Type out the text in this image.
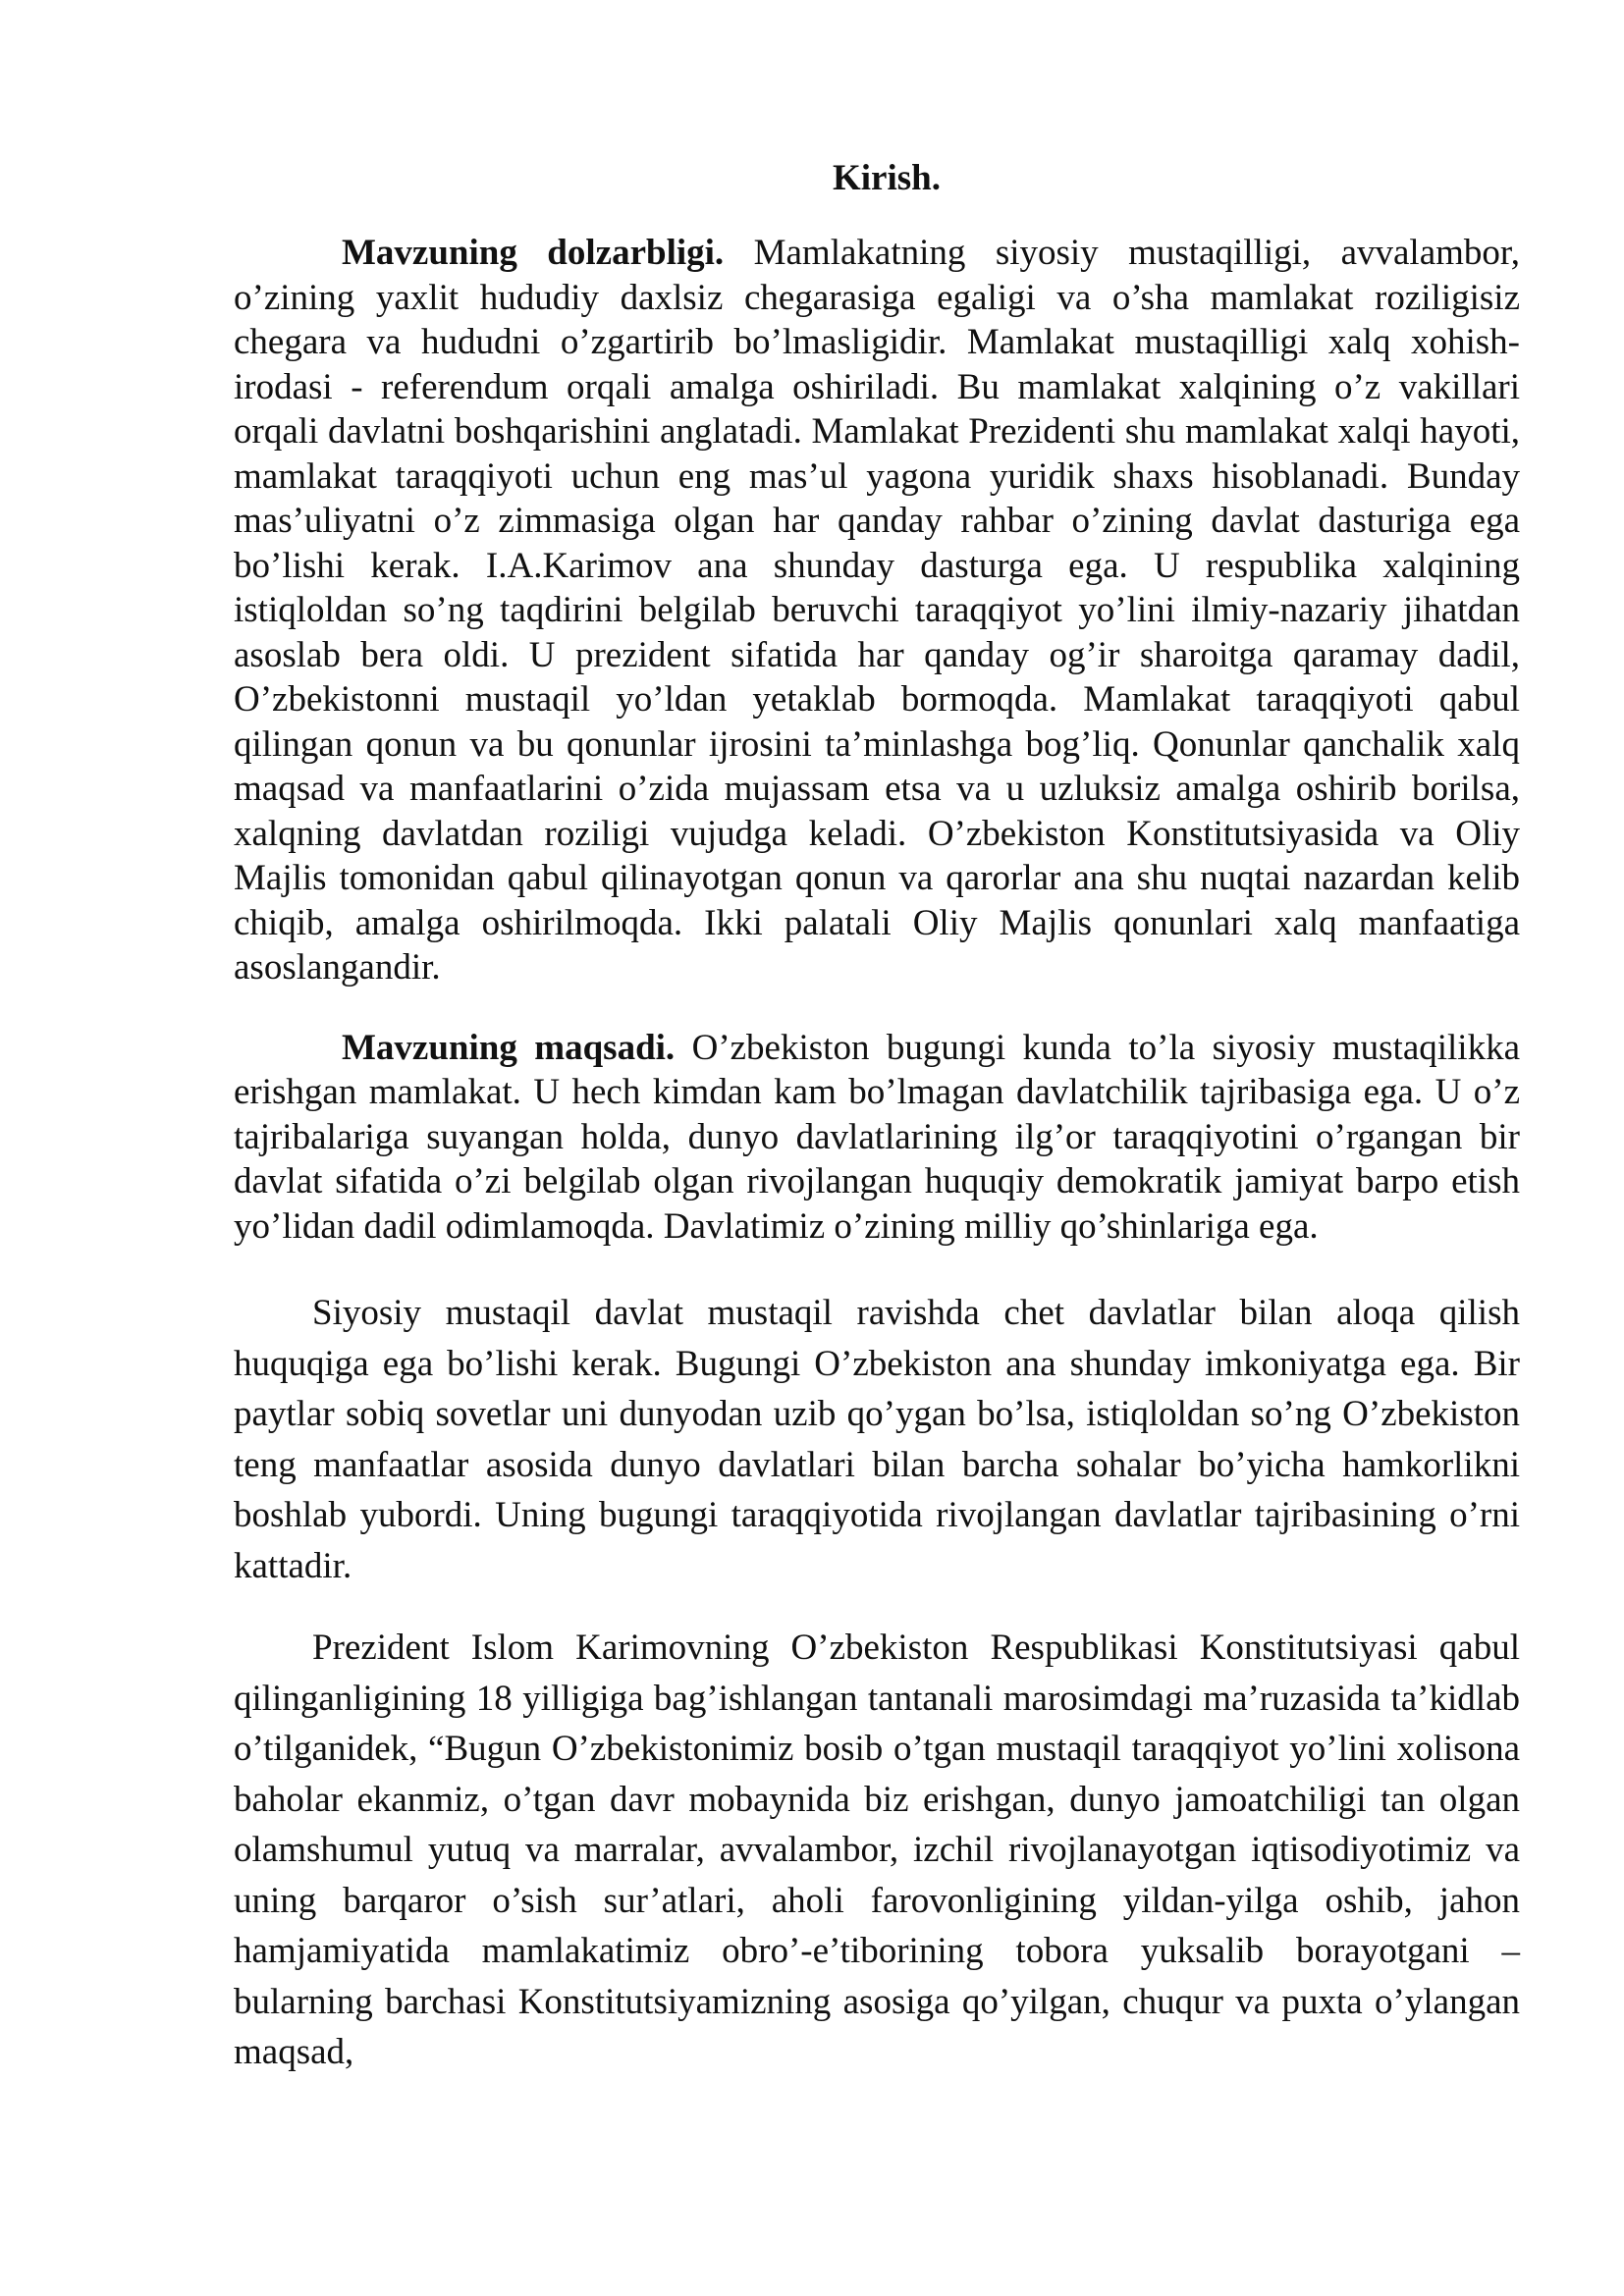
Kirish.

Mavzuning dolzarbligi. Mamlakatning siyosiy mustaqilligi, avvalambor, o’zining yaxlit hududiy daxlsiz chegarasiga egaligi va o’sha mamlakat roziligisiz chegara va hududni o’zgartirib bo’lmasligidir. Mamlakat mustaqilligi xalq xohish-irodasi - referendum orqali amalga oshiriladi. Bu mamlakat xalqining o’z vakillari orqali davlatni boshqarishini anglatadi. Mamlakat Prezidenti shu mamlakat xalqi hayoti, mamlakat taraqqiyoti uchun eng mas’ul yagona yuridik shaxs hisoblanadi. Bunday mas’uliyatni o’z zimmasiga olgan har qanday rahbar o’zining davlat dasturiga ega bo’lishi kerak. I.A.Karimov ana shunday dasturga ega. U respublika xalqining istiqloldan so’ng taqdirini belgilab beruvchi taraqqiyot yo’lini ilmiy-nazariy jihatdan asoslab bera oldi. U prezident sifatida har qanday og’ir sharoitga qaramay dadil, O’zbekistonni mustaqil yo’ldan yetaklab bormoqda. Mamlakat taraqqiyoti qabul qilingan qonun va bu qonunlar ijrosini ta’minlashga bog’liq. Qonunlar qanchalik xalq maqsad va manfaatlarini o’zida mujassam etsa va u uzluksiz amalga oshirib borilsa, xalqning davlatdan roziligi vujudga keladi. O’zbekiston Konstitutsiyasida va Oliy Majlis tomonidan qabul qilinayotgan qonun va qarorlar ana shu nuqtai nazardan kelib chiqib, amalga oshirilmoqda. Ikki palatali Oliy Majlis qonunlari xalq manfaatiga asoslangandir.

Mavzuning maqsadi. O’zbekiston bugungi kunda to’la siyosiy mustaqilikka erishgan mamlakat. U hech kimdan kam bo’lmagan davlatchilik tajribasiga ega. U o’z tajribalariga suyangan holda, dunyo davlatlarining ilg’or taraqqiyotini o’rgangan bir davlat sifatida o’zi belgilab olgan rivojlangan huquqiy demokratik jamiyat barpo etish yo’lidan dadil odimlamoqda. Davlatimiz o’zining milliy qo’shinlariga ega.

Siyosiy mustaqil davlat mustaqil ravishda chet davlatlar bilan aloqa qilish huquqiga ega bo’lishi kerak. Bugungi O’zbekiston ana shunday imkoniyatga ega. Bir paytlar sobiq sovetlar uni dunyodan uzib qo’ygan bo’lsa, istiqloldan so’ng O’zbekiston teng manfaatlar asosida dunyo davlatlari bilan barcha sohalar bo’yicha hamkorlikni boshlab yubordi. Uning bugungi taraqqiyotida rivojlangan davlatlar tajribasining o’rni kattadir.

Prezident Islom Karimovning O’zbekiston Respublikasi Konstitutsiyasi qabul qilinganligining 18 yilligiga bag’ishlangan tantanali marosimdagi ma’ruzasida ta’kidlab o’tilganidek, “Bugun O’zbekistonimiz bosib o’tgan mustaqil taraqqiyot yo’lini xolisona baholar ekanmiz, o’tgan davr mobaynida biz erishgan, dunyo jamoatchiligi tan olgan olamshumul yutuq va marralar, avvalambor, izchil rivojlanayotgan iqtisodiyotimiz va uning barqaror o’sish sur’atlari, aholi farovonligining yildan-yilga oshib, jahon hamjamiyatida mamlakatimiz obro’-e’tiborining tobora yuksalib borayotgani – bularning barchasi Konstitutsiyamizning asosiga qo’yilgan, chuqur va puxta o’ylangan maqsad,
